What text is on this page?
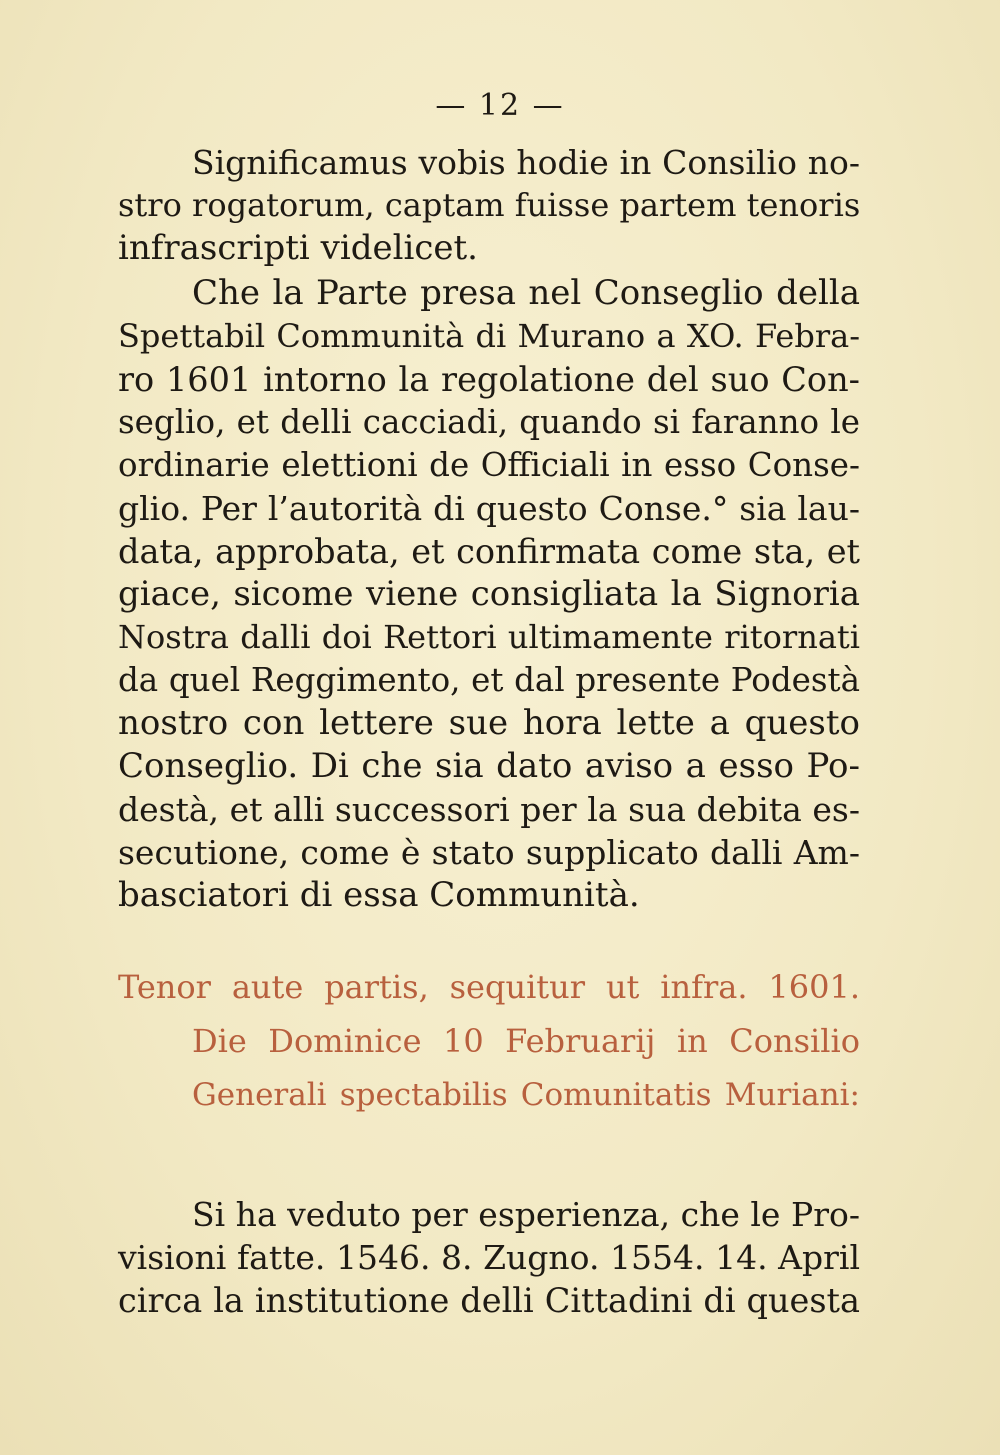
— 12 —
Significamus vobis hodie in Consilio no-
stro rogatorum, captam fuisse partem tenoris
infrascripti videlicet.
Che la Parte presa nel Conseglio della
Spettabil Communità di Murano a XO. Febra-
ro 1601 intorno la regolatione del suo Con-
seglio, et delli cacciadi, quando si faranno le
ordinarie elettioni de Officiali in esso Conse-
glio. Per l’autorità di questo Conse.° sia lau-
data, approbata, et confirmata come sta, et
giace, sicome viene consigliata la Signoria
Nostra dalli doi Rettori ultimamente ritornati
da quel Reggimento, et dal presente Podestà
nostro con lettere sue hora lette a questo
Conseglio. Di che sia dato aviso a esso Po-
destà, et alli successori per la sua debita es-
secutione, come è stato supplicato dalli Am-
basciatori di essa Communità.
Tenor aute partis, sequitur ut infra. 1601.
Die Dominice 10 Februarij in Consilio
Generali spectabilis Comunitatis Muriani:
Si ha veduto per esperienza, che le Pro-
visioni fatte. 1546. 8. Zugno. 1554. 14. April
circa la institutione delli Cittadini di questa
